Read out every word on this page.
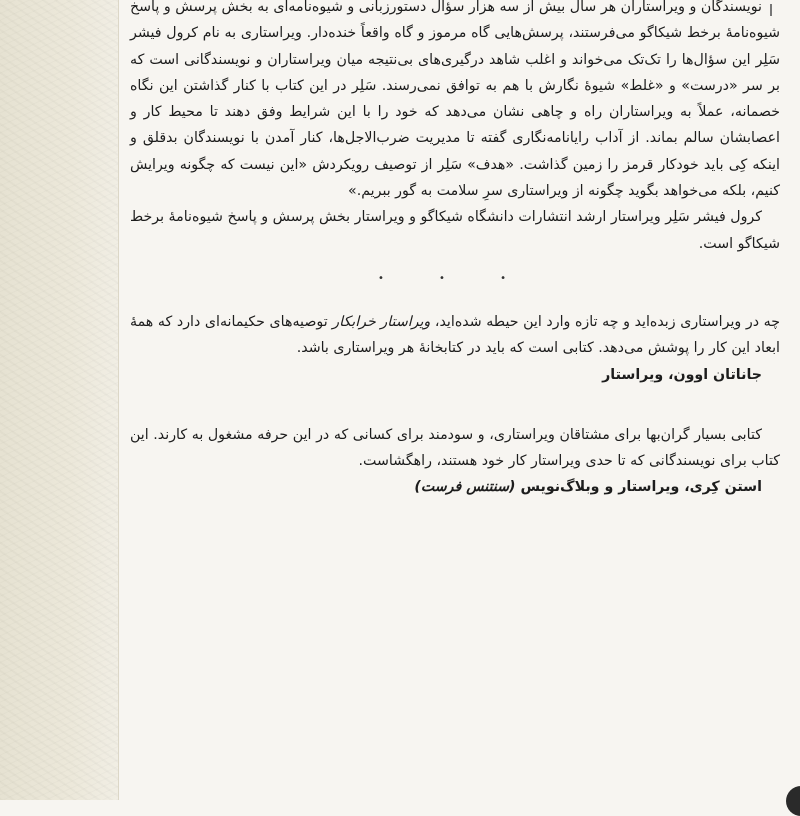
نویسندگان و ویراستاران هر سال بیش از سه هزار سؤال دستورزبانی و شیوه‌نامه‌ای به بخش پرسش و پاسخ شیوه‌نامهٔ برخط شیکاگو می‌فرستند، پرسش‌هایی گاه مرموز و گاه واقعاً خنده‌دار. ویراستاری به نام کرول فیشر سَلِر این سؤال‌ها را تک‌تک می‌خواند و اغلب شاهد درگیری‌های بی‌نتیجه میان ویراستاران و نویسندگانی است که بر سر «درست» و «غلط» شیوهٔ نگارش با هم به توافق نمی‌رسند. سَلِر در این کتاب با کنار گذاشتن این نگاه خصمانه، عملاً به ویراستاران راه و چاهی نشان می‌دهد که خود را با این شرایط وفق دهند تا محیط کار و اعصابشان سالم بماند. از آداب رایانامه‌نگاری گفته تا مدیریت ضرب‌الاجل‌ها، کنار آمدن با نویسندگان بدقلق و اینکه کِی باید خودکار قرمز را زمین گذاشت. «هدف» سَلِر از توصیف رویکردش «این نیست که چگونه ویرایش کنیم، بلکه می‌خواهد بگوید چگونه از ویراستاری سرِ سلامت به گور ببریم.»

کرول فیشر سَلِر ویراستار ارشد انتشارات دانشگاه شیکاگو و ویراستار بخش پرسش و پاسخ شیوه‌نامهٔ برخط شیکاگو است.

• • •

چه در ویراستاری زبده‌اید و چه تازه وارد این حیطه شده‌اید، ویراستار خرابکار توصیه‌های حکیمانه‌ای دارد که همهٔ ابعاد این کار را پوشش می‌دهد. کتابی است که باید در کتابخانهٔ هر ویراستاری باشد.

جاناتان اوون، ویراستار

کتابی بسیار گران‌بها برای مشتاقان ویراستاری، و سودمند برای کسانی که در این حرفه مشغول به کارند. این کتاب برای نویسندگانی که تا حدی ویراستار کار خود هستند، راهگشاست.

استن کِری، ویراستار و وبلاگ‌نویس (سنتنس فرست)
